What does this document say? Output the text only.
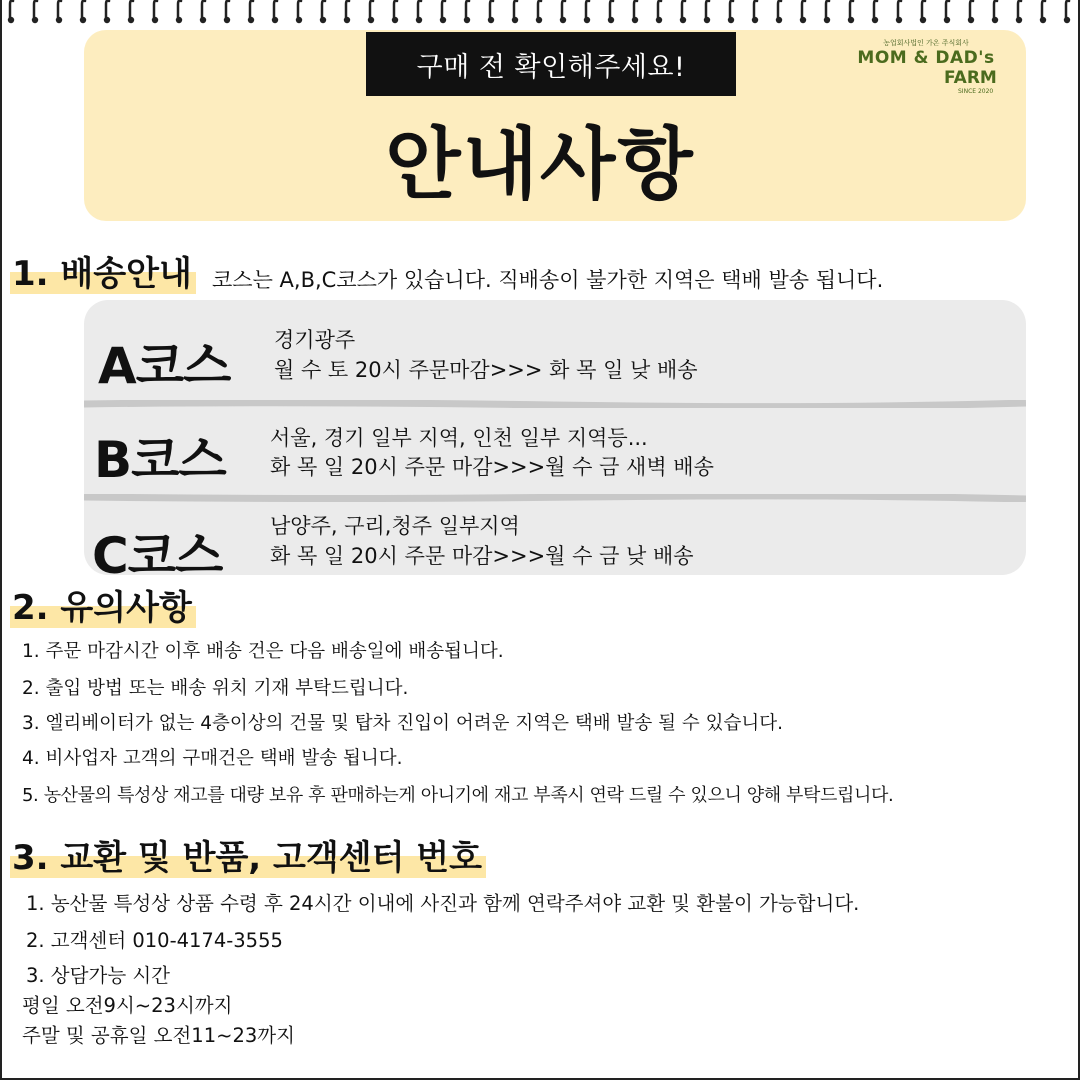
구매 전 확인해주세요!
안내사항
농업회사법인 가온 주식회사
MOM & DAD's
FARM
SINCE 2020
1. 배송안내 코스는 A,B,C코스가 있습니다. 직배송이 불가한 지역은 택배 발송 됩니다.
A코스 경기광주
월 수 토 20시 주문마감>>> 화 목 일 낮 배송
B코스 서울, 경기 일부 지역, 인천 일부 지역등...
화 목 일 20시 주문 마감>>>월 수 금 새벽 배송
C코스
남양주, 구리,청주 일부지역
화 목 일 20시 주문 마감>>>월 수 금 낮 배송
2. 유의사항
1. 주문 마감시간 이후 배송 건은 다음 배송일에 배송됩니다.
2. 출입 방법 또는 배송 위치 기재 부탁드립니다.
3. 엘리베이터가 없는 4층이상의 건물 및 탑차 진입이 어려운 지역은 택배 발송 될 수 있습니다.
4. 비사업자 고객의 구매건은 택배 발송 됩니다.
5. 농산물의 특성상 재고를 대량 보유 후 판매하는게 아니기에 재고 부족시 연락 드릴 수 있으니 양해 부탁드립니다.
3. 교환 및 반품, 고객센터 번호
1. 농산물 특성상 상품 수령 후 24시간 이내에 사진과 함께 연락주셔야 교환 및 환불이 가능합니다.
2. 고객센터 010-4174-3555
3. 상담가능 시간
평일 오전9시~23시까지
주말 및 공휴일 오전11~23까지
